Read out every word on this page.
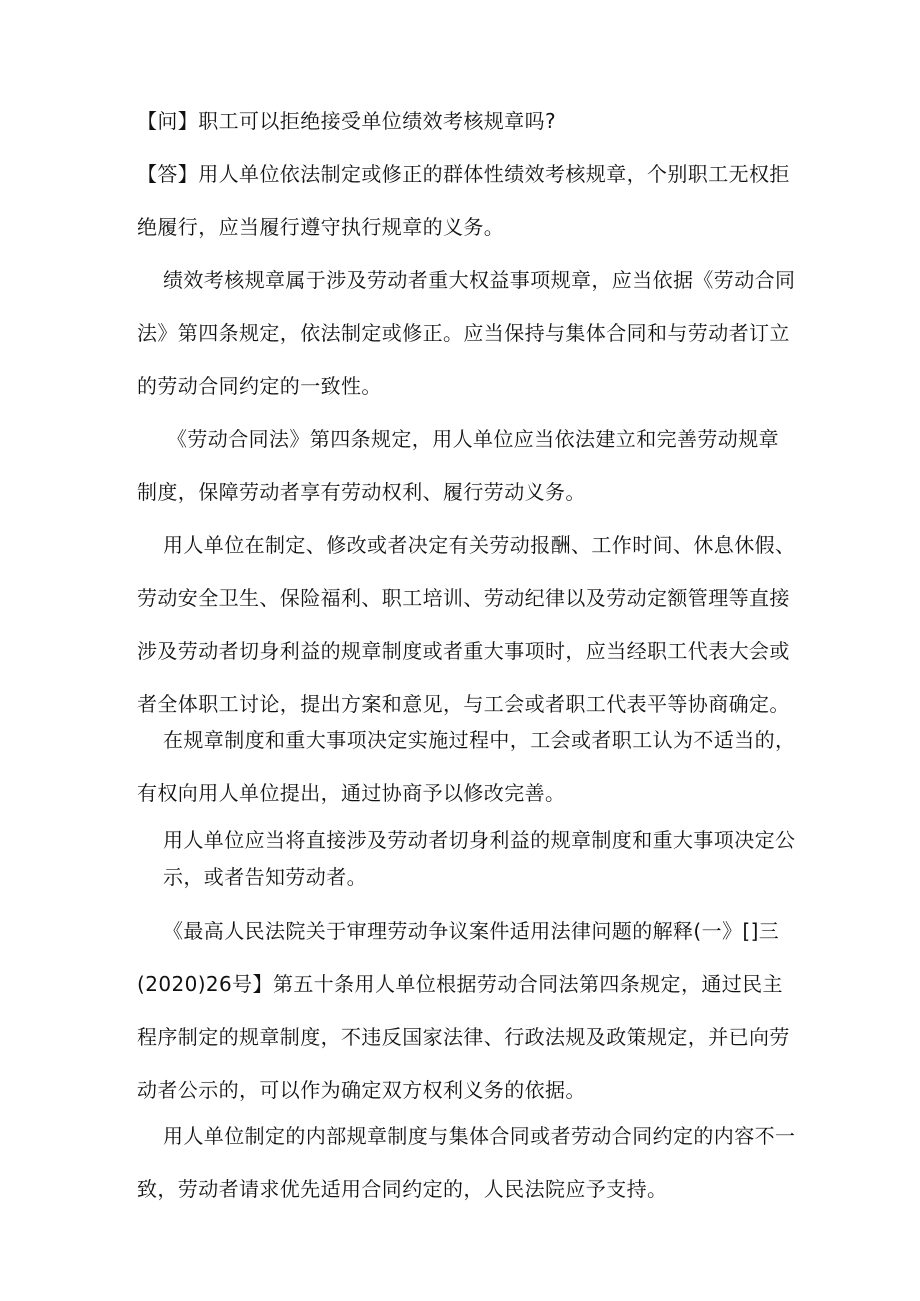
【问】职工可以拒绝接受单位绩效考核规章吗?

【答】用人单位依法制定或修正的群体性绩效考核规章，个别职工无权拒绝履行，应当履行遵守执行规章的义务。

绩效考核规章属于涉及劳动者重大权益事项规章，应当依据《劳动合同法》第四条规定，依法制定或修正。应当保持与集体合同和与劳动者订立的劳动合同约定的一致性。

《劳动合同法》第四条规定，用人单位应当依法建立和完善劳动规章制度，保障劳动者享有劳动权利、履行劳动义务。

用人单位在制定、修改或者决定有关劳动报酬、工作时间、休息休假、劳动安全卫生、保险福利、职工培训、劳动纪律以及劳动定额管理等直接涉及劳动者切身利益的规章制度或者重大事项时，应当经职工代表大会或者全体职工讨论，提出方案和意见，与工会或者职工代表平等协商确定。

在规章制度和重大事项决定实施过程中，工会或者职工认为不适当的，有权向用人单位提出，通过协商予以修改完善。

用人单位应当将直接涉及劳动者切身利益的规章制度和重大事项决定公示，或者告知劳动者。

《最高人民法院关于审理劳动争议案件适用法律问题的解释(一》[]三(2020)26号】第五十条用人单位根据劳动合同法第四条规定，通过民主程序制定的规章制度，不违反国家法律、行政法规及政策规定，并已向劳动者公示的，可以作为确定双方权利义务的依据。

用人单位制定的内部规章制度与集体合同或者劳动合同约定的内容不一致，劳动者请求优先适用合同约定的，人民法院应予支持。
